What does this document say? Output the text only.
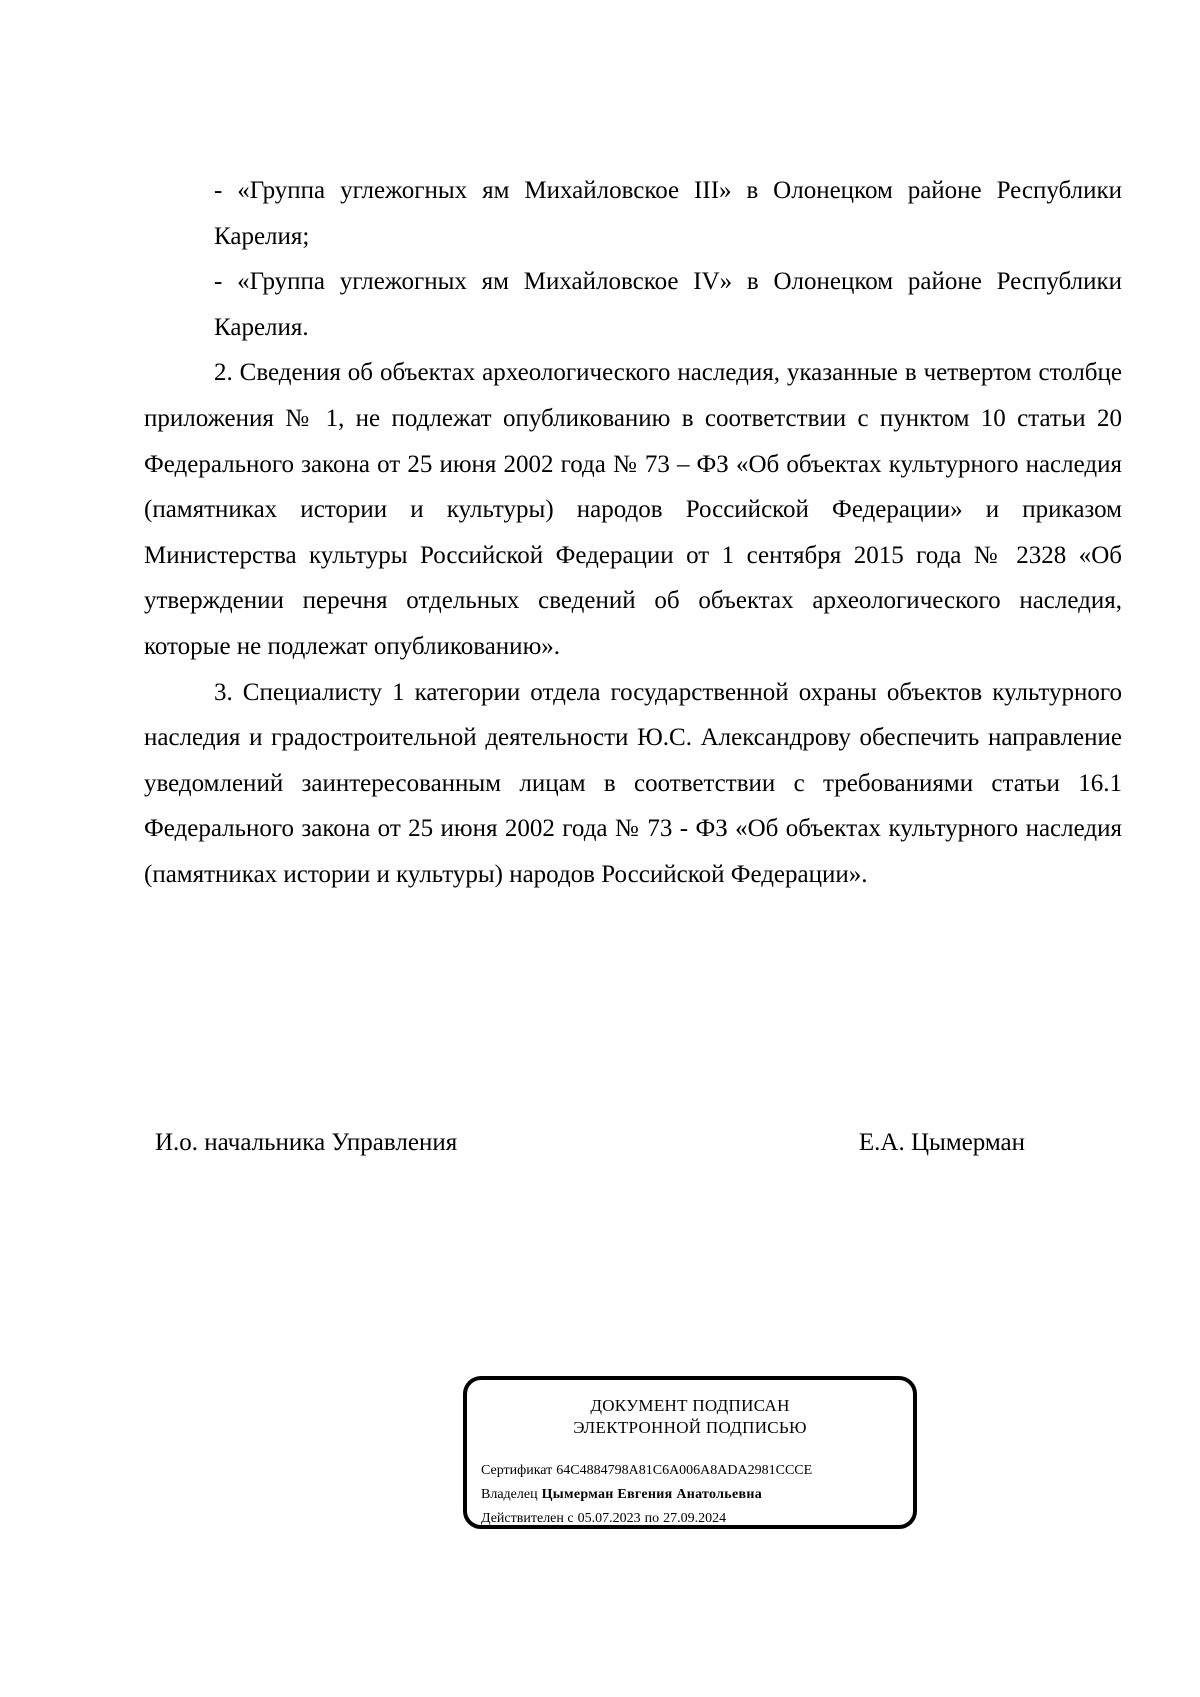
- «Группа углежогных ям Михайловское III» в Олонецком районе Республики Карелия;

- «Группа углежогных ям Михайловское IV» в Олонецком районе Республики Карелия.

2. Сведения об объектах археологического наследия, указанные в четвертом столбце приложения № 1, не подлежат опубликованию в соответствии с пунктом 10 статьи 20 Федерального закона от 25 июня 2002 года № 73 – ФЗ «Об объектах культурного наследия (памятниках истории и культуры) народов Российской Федерации» и приказом Министерства культуры Российской Федерации от 1 сентября 2015 года № 2328 «Об утверждении перечня отдельных сведений об объектах археологического наследия, которые не подлежат опубликованию».

3. Специалисту 1 категории отдела государственной охраны объектов культурного наследия и градостроительной деятельности Ю.С. Александрову обеспечить направление уведомлений заинтересованным лицам в соответствии с требованиями статьи 16.1 Федерального закона от 25 июня 2002 года № 73 - ФЗ «Об объектах культурного наследия (памятниках истории и культуры) народов Российской Федерации».

И.о. начальника Управления	Е.А. Цымерман
ДОКУМЕНТ ПОДПИСАН
ЭЛЕКТРОННОЙ ПОДПИСЬЮ
Сертификат 64C4884798A81C6A006A8ADA2981CCCE
Владелец Цымерман Евгения Анатольевна
Действителен с 05.07.2023 по 27.09.2024
